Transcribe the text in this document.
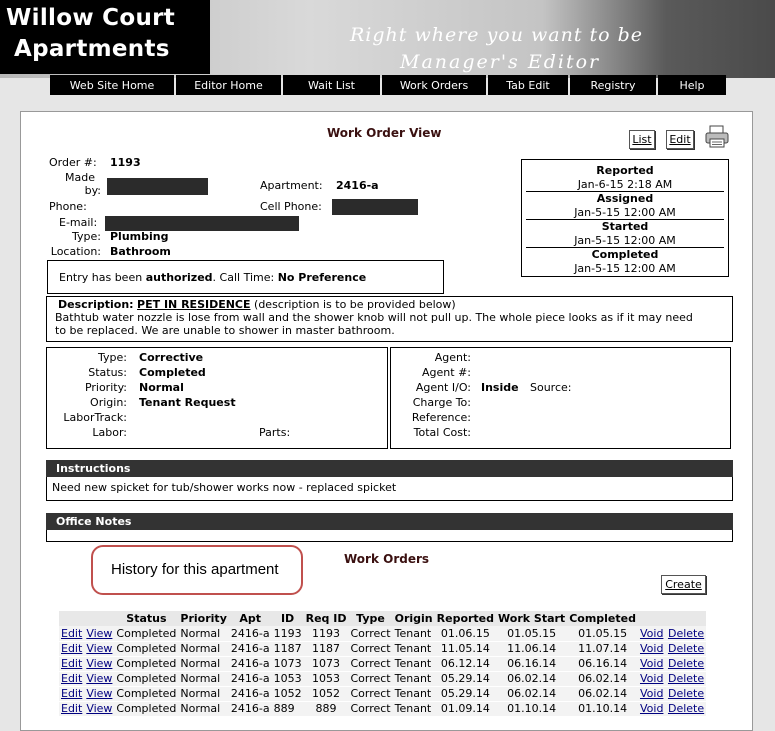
Willow Court
Apartments
Right where you want to be
Manager's Editor
Web Site Home	Editor Home	Wait List	Work Orders	Tab Edit	Registry	Help
Work Order View	List	Edit
Order #: 1193
Made
by:	Apartment: 2416-a
Phone:	Cell Phone:
E-mail:
Type: Plumbing
Location: Bathroom
Entry has been authorized. Call Time: No Preference
Reported
Jan-6-15 2:18 AM
Assigned
Jan-5-15 12:00 AM
Started
Jan-5-15 12:00 AM
Completed
Jan-5-15 12:00 AM
Description: PET IN RESIDENCE (description is to be provided below)
Bathtub water nozzle is lose from wall and the shower knob will not pull up. The whole piece looks as if it may need
to be replaced. We are unable to shower in master bathroom.
Type: Corrective
Status: Completed
Priority: Normal
Origin: Tenant Request
LaborTrack:
Labor:	Parts:
Agent:
Agent #:
Agent I/O: Inside Source:
Charge To:
Reference:
Total Cost:
Instructions
Need new spicket for tub/shower works now - replaced spicket
Office Notes
History for this apartment
Work Orders
Create
		Status	Priority	Apt	ID	Req ID	Type	Origin	Reported	Work Start	Completed		
Edit	View	Completed	Normal	2416-a	1193	1193	Correct	Tenant	01.06.15	01.05.15	01.05.15	Void	Delete
Edit	View	Completed	Normal	2416-a	1187	1187	Correct	Tenant	11.05.14	11.06.14	11.07.14	Void	Delete
Edit	View	Completed	Normal	2416-a	1073	1073	Correct	Tenant	06.12.14	06.16.14	06.16.14	Void	Delete
Edit	View	Completed	Normal	2416-a	1053	1053	Correct	Tenant	05.29.14	06.02.14	06.02.14	Void	Delete
Edit	View	Completed	Normal	2416-a	1052	1052	Correct	Tenant	05.29.14	06.02.14	06.02.14	Void	Delete
Edit	View	Completed	Normal	2416-a	889	889	Correct	Tenant	01.09.14	01.10.14	01.10.14	Void	Delete
